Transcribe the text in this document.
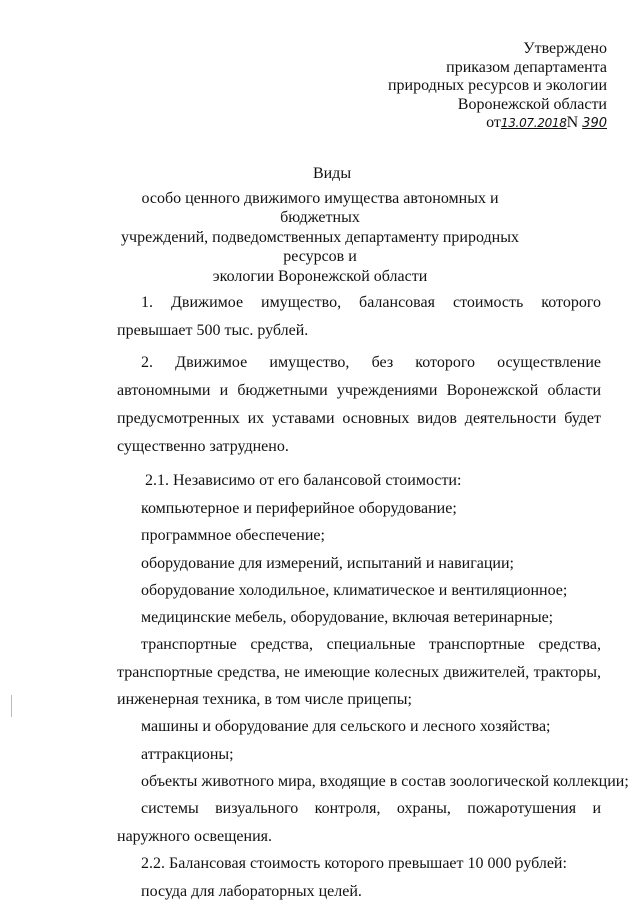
Утверждено
приказом департамента
природных ресурсов и экологии
Воронежской области
от13.07.2018N 390
Виды
особо ценного движимого имущества автономных и бюджетных
учреждений, подведомственных департаменту природных ресурсов и
экологии Воронежской области

1. Движимое имущество, балансовая стоимость которого превышает 500 тыс. рублей.

2. Движимое имущество, без которого осуществление автономными и бюджетными учреждениями Воронежской области предусмотренных их уставами основных видов деятельности будет существенно затруднено.

2.1. Независимо от его балансовой стоимости:

компьютерное и периферийное оборудование;
программное обеспечение;
оборудование для измерений, испытаний и навигации;
оборудование холодильное, климатическое и вентиляционное;
медицинские мебель, оборудование, включая ветеринарные;
транспортные средства, специальные транспортные средства, транспортные средства, не имеющие колесных движителей, тракторы, инженерная техника, в том числе прицепы;
машины и оборудование для сельского и лесного хозяйства;
аттракционы;
объекты животного мира, входящие в состав зоологической коллекции;
системы визуального контроля, охраны, пожаротушения и наружного освещения.

2.2. Балансовая стоимость которого превышает 10 000 рублей:

посуда для лабораторных целей.
